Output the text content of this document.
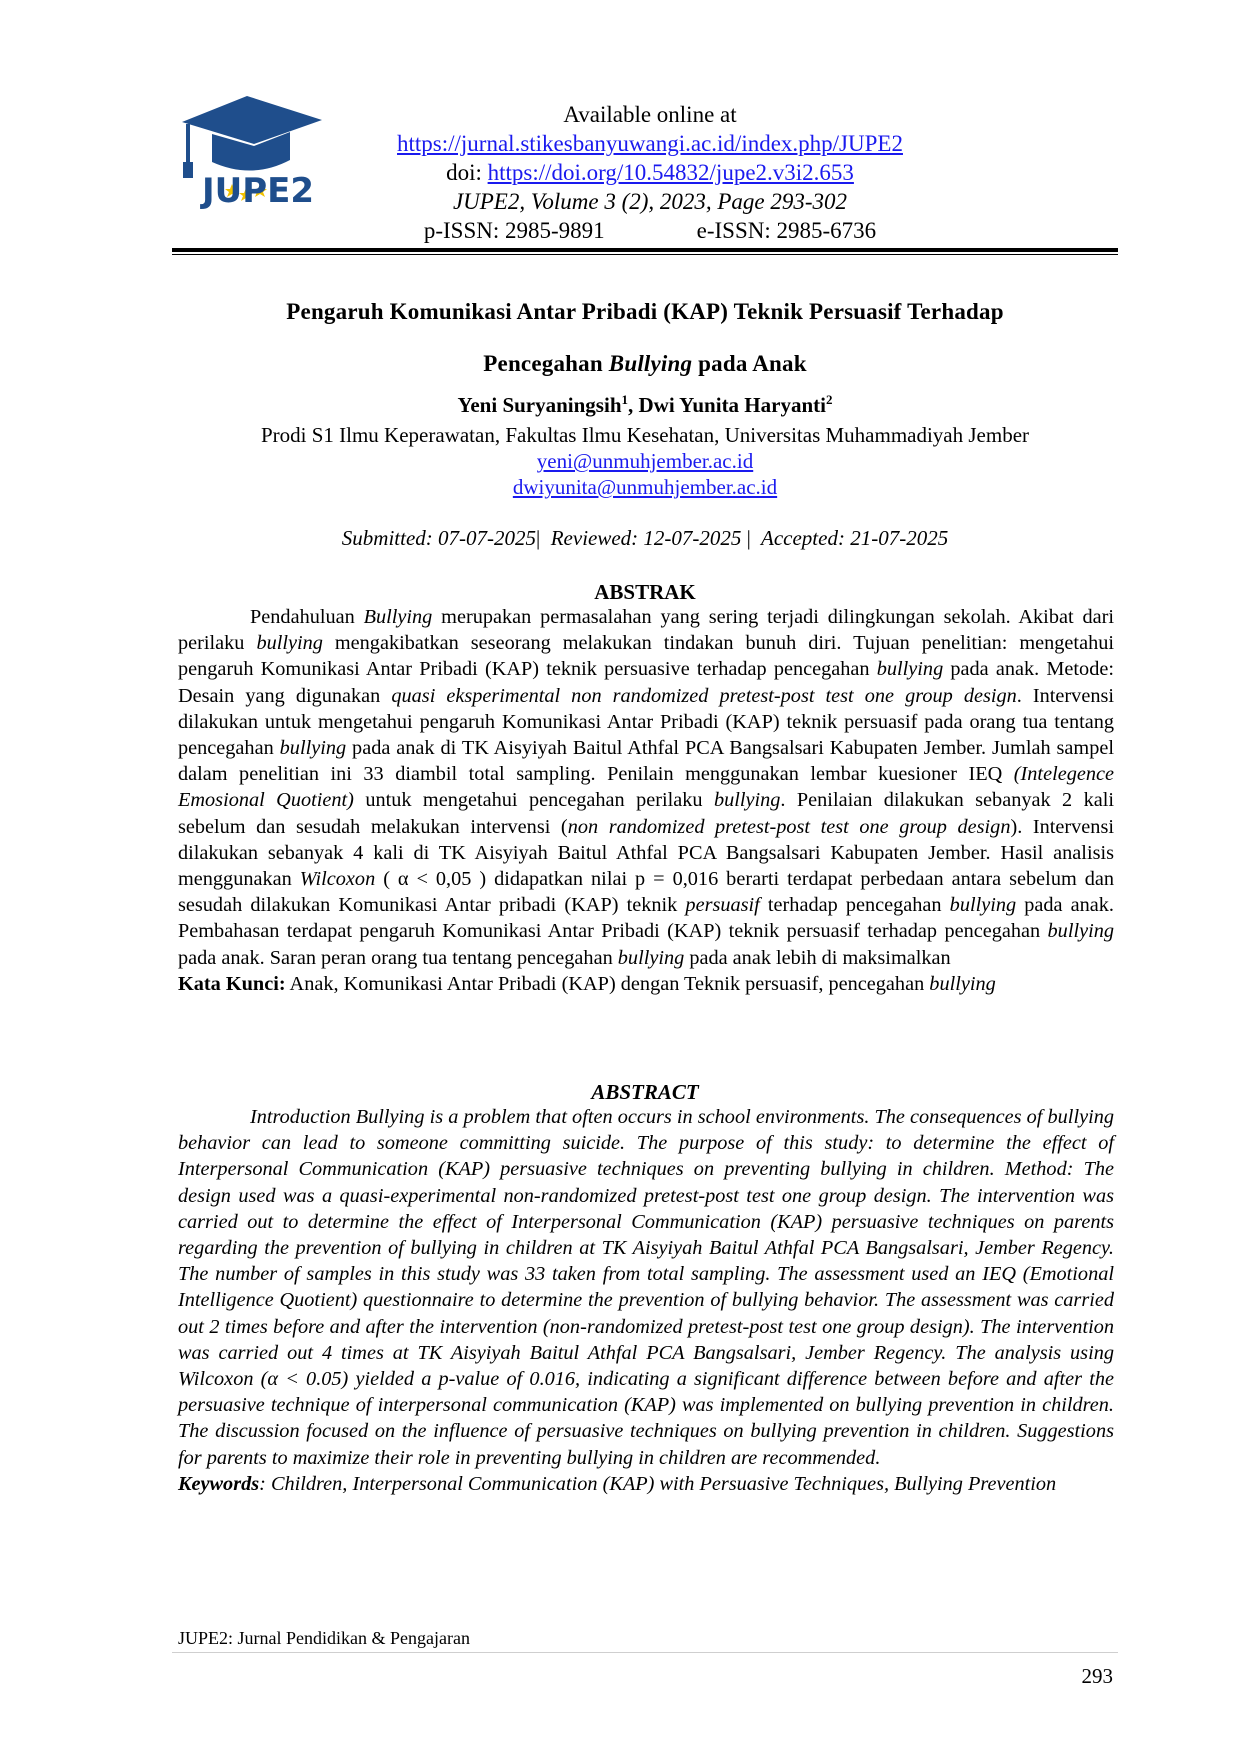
JUPE2
Available online at
https://jurnal.stikesbanyuwangi.ac.id/index.php/JUPE2
doi: https://doi.org/10.54832/jupe2.v3i2.653
JUPE2, Volume 3 (2), 2023, Page 293-302
p-ISSN: 2985-9891	e-ISSN: 2985-6736
Pengaruh Komunikasi Antar Pribadi (KAP) Teknik Persuasif Terhadap
Pencegahan Bullying pada Anak
Yeni Suryaningsih$^1$, Dwi Yunita Haryanti$^2$
Prodi S1 Ilmu Keperawatan, Fakultas Ilmu Kesehatan, Universitas Muhammadiyah Jember
yeni@unmuhjember.ac.id
dwiyunita@unmuhjember.ac.id
Submitted: 07-07-2025| Reviewed: 12-07-2025 | Accepted: 21-07-2025
ABSTRAK

Pendahuluan Bullying merupakan permasalahan yang sering terjadi dilingkungan sekolah. Akibat dari perilaku bullying mengakibatkan seseorang melakukan tindakan bunuh diri. Tujuan penelitian: mengetahui pengaruh Komunikasi Antar Pribadi (KAP) teknik persuasive terhadap pencegahan bullying pada anak. Metode: Desain yang digunakan quasi eksperimental non randomized pretest-post test one group design. Intervensi dilakukan untuk mengetahui pengaruh Komunikasi Antar Pribadi (KAP) teknik persuasif pada orang tua tentang pencegahan bullying pada anak di TK Aisyiyah Baitul Athfal PCA Bangsalsari Kabupaten Jember. Jumlah sampel dalam penelitian ini 33 diambil total sampling. Penilain menggunakan lembar kuesioner IEQ (Intelegence Emosional Quotient) untuk mengetahui pencegahan perilaku bullying. Penilaian dilakukan sebanyak 2 kali sebelum dan sesudah melakukan intervensi (non randomized pretest-post test one group design). Intervensi dilakukan sebanyak 4 kali di TK Aisyiyah Baitul Athfal PCA Bangsalsari Kabupaten Jember. Hasil analisis menggunakan Wilcoxon ( α < 0,05 ) didapatkan nilai p = 0,016 berarti terdapat perbedaan antara sebelum dan sesudah dilakukan Komunikasi Antar pribadi (KAP) teknik persuasif terhadap pencegahan bullying pada anak. Pembahasan terdapat pengaruh Komunikasi Antar Pribadi (KAP) teknik persuasif terhadap pencegahan bullying pada anak. Saran peran orang tua tentang pencegahan bullying pada anak lebih di maksimalkan

Kata Kunci: Anak, Komunikasi Antar Pribadi (KAP) dengan Teknik persuasif, pencegahan bullying
ABSTRACT

Introduction Bullying is a problem that often occurs in school environments. The consequences of bullying behavior can lead to someone committing suicide. The purpose of this study: to determine the effect of Interpersonal Communication (KAP) persuasive techniques on preventing bullying in children. Method: The design used was a quasi-experimental non-randomized pretest-post test one group design. The intervention was carried out to determine the effect of Interpersonal Communication (KAP) persuasive techniques on parents regarding the prevention of bullying in children at TK Aisyiyah Baitul Athfal PCA Bangsalsari, Jember Regency. The number of samples in this study was 33 taken from total sampling. The assessment used an IEQ (Emotional Intelligence Quotient) questionnaire to determine the prevention of bullying behavior. The assessment was carried out 2 times before and after the intervention (non-randomized pretest-post test one group design). The intervention was carried out 4 times at TK Aisyiyah Baitul Athfal PCA Bangsalsari, Jember Regency. The analysis using Wilcoxon (α < 0.05) yielded a p-value of 0.016, indicating a significant difference between before and after the persuasive technique of interpersonal communication (KAP) was implemented on bullying prevention in children. The discussion focused on the influence of persuasive techniques on bullying prevention in children. Suggestions for parents to maximize their role in preventing bullying in children are recommended.

Keywords: Children, Interpersonal Communication (KAP) with Persuasive Techniques, Bullying Prevention
JUPE2: Jurnal Pendidikan & Pengajaran
293
